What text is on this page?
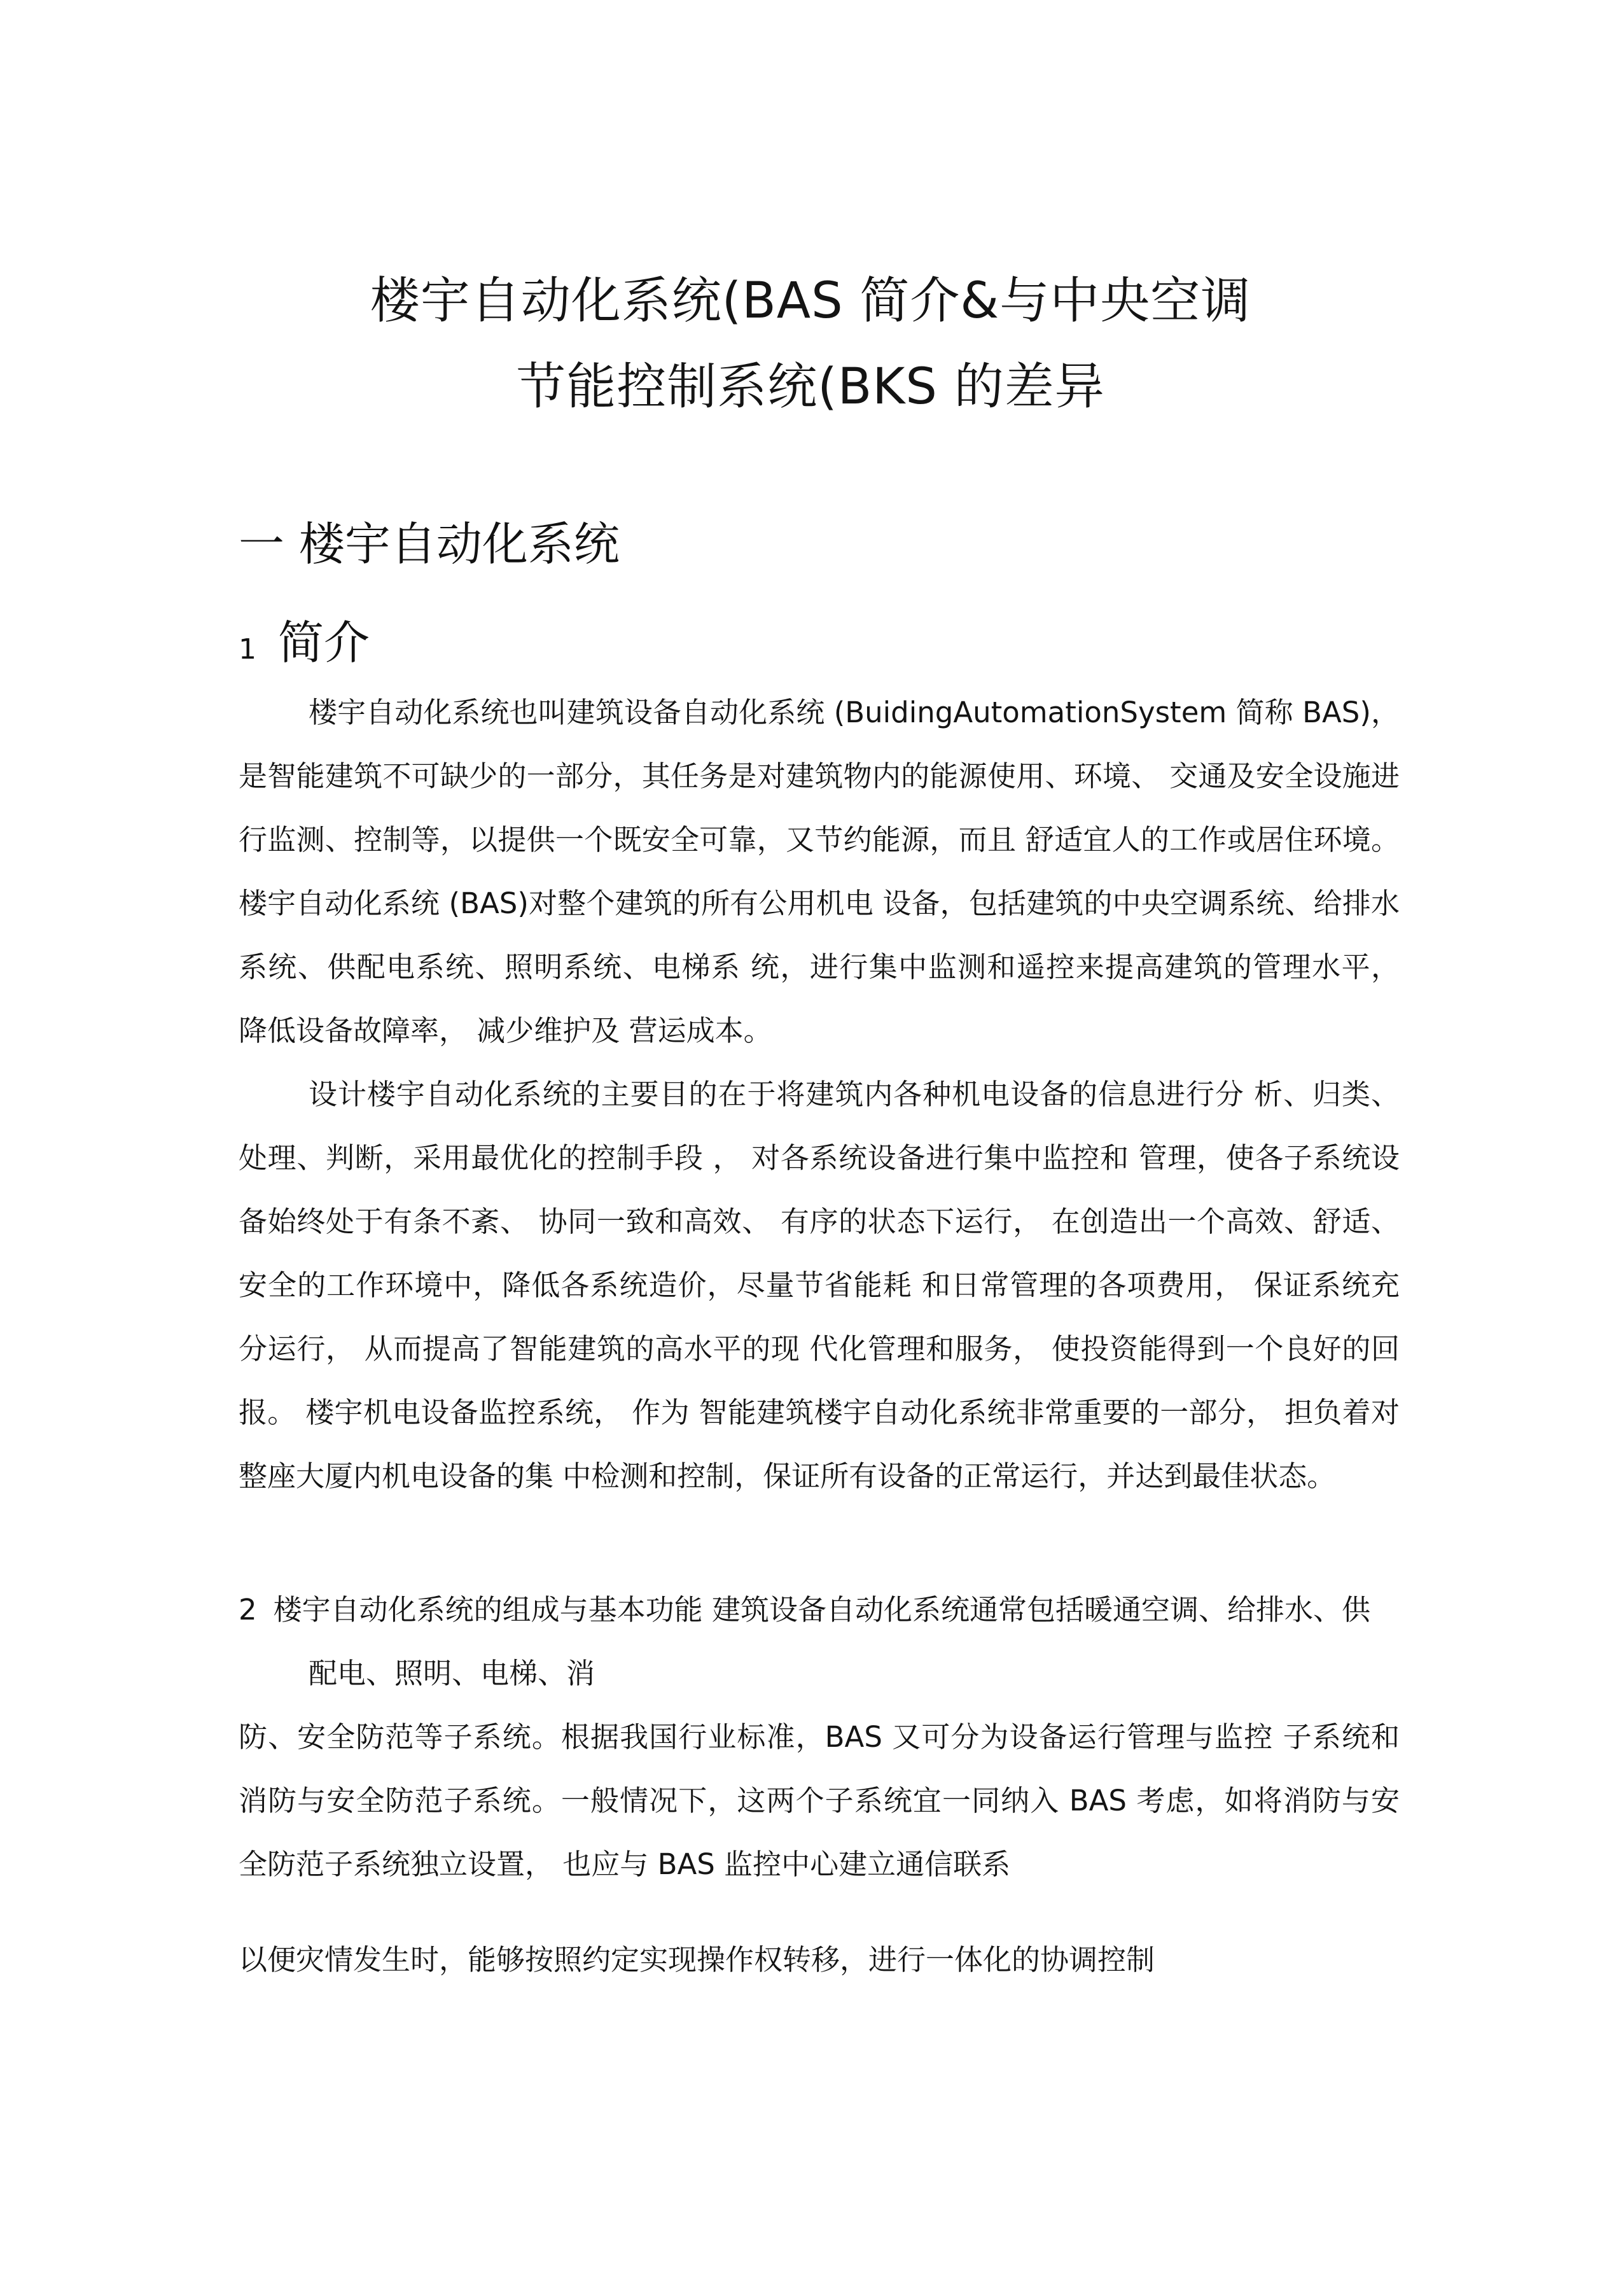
楼宇自动化系统(BAS 简介&与中央空调
节能控制系统(BKS 的差异
一 楼宇自动化系统
1 简介
楼宇自动化系统也叫建筑设备自动化系统 (BuidingAutomationSystem 简称 BAS)，是智能建筑不可缺少的一部分，其任务是对建筑物内的能源使用、环境、 交通及安全设施进行监测、控制等，以提供一个既安全可靠，又节约能源，而且 舒适宜人的工作或居住环境。楼宇自动化系统 (BAS)对整个建筑的所有公用机电 设备，包括建筑的中央空调系统、给排水系统、供配电系统、照明系统、电梯系 统，进行集中监测和遥控来提高建筑的管理水平， 降低设备故障率， 减少维护及 营运成本。
设计楼宇自动化系统的主要目的在于将建筑内各种机电设备的信息进行分 析、归类、处理、判断，采用最优化的控制手段 ， 对各系统设备进行集中监控和 管理，使各子系统设备始终处于有条不紊、 协同一致和高效、 有序的状态下运行， 在创造出一个高效、舒适、安全的工作环境中，降低各系统造价，尽量节省能耗 和日常管理的各项费用， 保证系统充分运行， 从而提高了智能建筑的高水平的现 代化管理和服务， 使投资能得到一个良好的回报。 楼宇机电设备监控系统， 作为 智能建筑楼宇自动化系统非常重要的一部分， 担负着对整座大厦内机电设备的集 中检测和控制，保证所有设备的正常运行，并达到最佳状态。
2 楼宇自动化系统的组成与基本功能 建筑设备自动化系统通常包括暖通空调、给排水、供
配电、照明、电梯、消
防、安全防范等子系统。根据我国行业标准，BAS 又可分为设备运行管理与监控 子系统和消防与安全防范子系统。一般情况下，这两个子系统宜一同纳入 BAS 考虑，如将消防与安全防范子系统独立设置， 也应与 BAS 监控中心建立通信联系
以便灾情发生时，能够按照约定实现操作权转移，进行一体化的协调控制
